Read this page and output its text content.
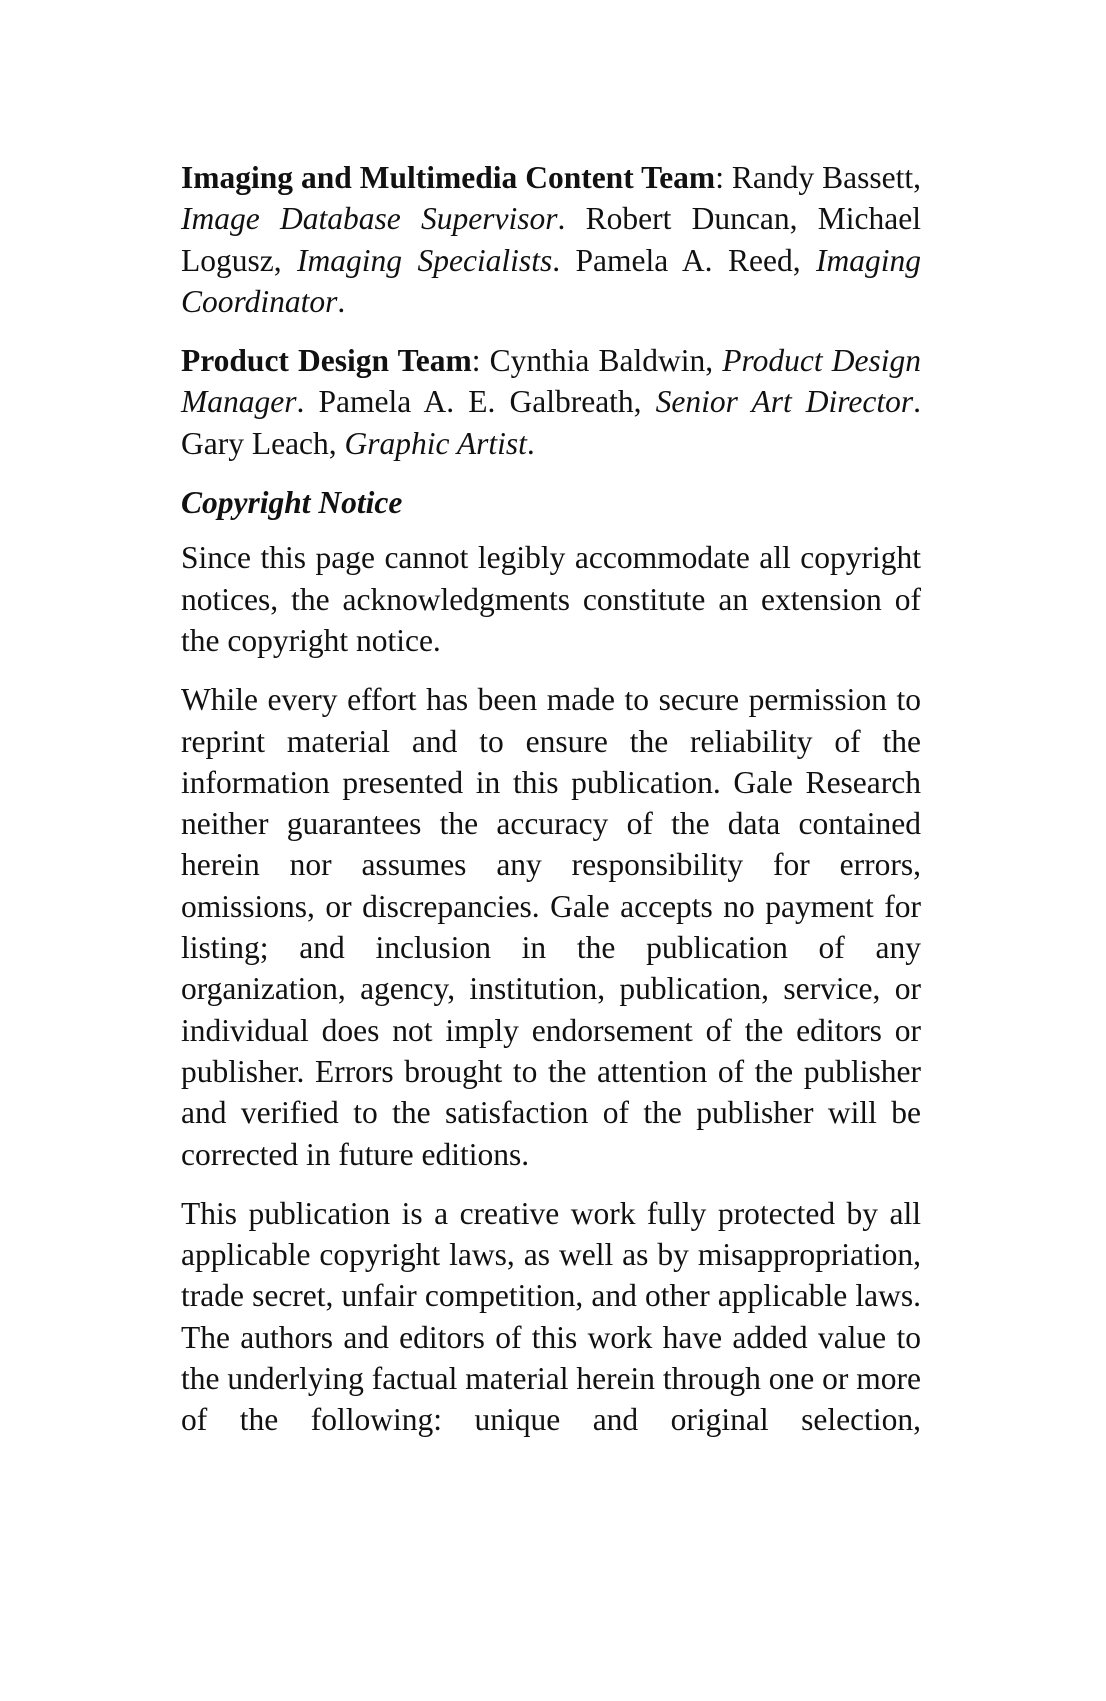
Imaging and Multimedia Content Team: Randy Bassett, Image Database Supervisor. Robert Duncan, Michael Logusz, Imaging Specialists. Pamela A. Reed, Imaging Coordinator.

Product Design Team: Cynthia Baldwin, Product Design Manager. Pamela A. E. Galbreath, Senior Art Director. Gary Leach, Graphic Artist.

Copyright Notice

Since this page cannot legibly accommodate all copyright notices, the acknowledgments constitute an extension of the copyright notice.

While every effort has been made to secure permission to reprint material and to ensure the reliability of the information presented in this publication. Gale Research neither guarantees the accuracy of the data contained herein nor assumes any responsibility for errors, omissions, or discrepancies. Gale accepts no payment for listing; and inclusion in the publication of any organization, agency, institution, publication, service, or individual does not imply endorsement of the editors or publisher. Errors brought to the attention of the publisher and verified to the satisfaction of the publisher will be corrected in future editions.

This publication is a creative work fully protected by all applicable copyright laws, as well as by misappropriation, trade secret, unfair competition, and other applicable laws. The authors and editors of this work have added value to the underlying factual material herein through one or more of the following: unique and original selection,
